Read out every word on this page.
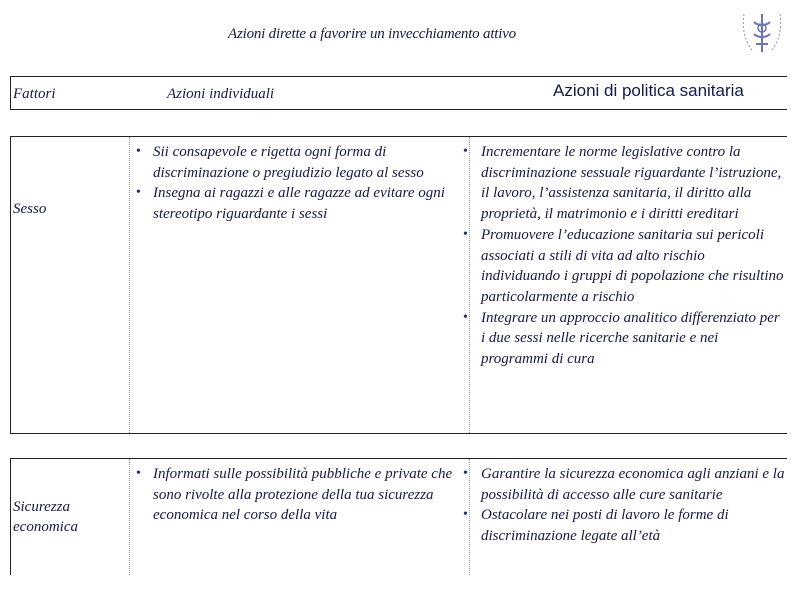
Azioni dirette a favorire un invecchiamento attivo
Fattori	Azioni individuali	Azioni di politica sanitaria
Sesso
• Sii consapevole e rigetta ogni forma di discriminazione o pregiudizio legato al sesso
• Insegna ai ragazzi e alle ragazze ad evitare ogni stereotipo riguardante i sessi
• Incrementare le norme legislative contro la discriminazione sessuale riguardante l’istruzione, il lavoro, l’assistenza sanitaria, il diritto alla proprietà, il matrimonio e i diritti ereditari
• Promuovere l’educazione sanitaria sui pericoli associati a stili di vita ad alto rischio individuando i gruppi di popolazione che risultino particolarmente a rischio
• Integrare un approccio analitico differenziato per i due sessi nelle ricerche sanitarie e nei programmi di cura
Sicurezza
economica
• Informati sulle possibilità pubbliche e private che sono rivolte alla protezione della tua sicurezza economica nel corso della vita
• Garantire la sicurezza economica agli anziani e la possibilità di accesso alle cure sanitarie
• Ostacolare nei posti di lavoro le forme di discriminazione legate all’età
